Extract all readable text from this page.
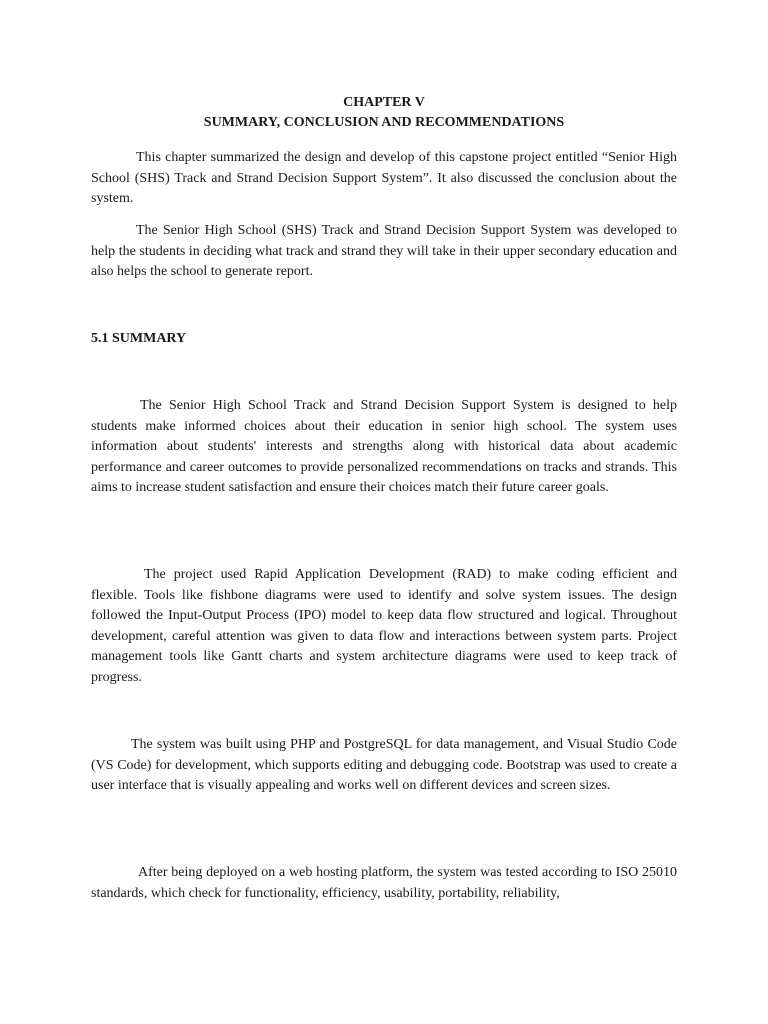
CHAPTER V

SUMMARY, CONCLUSION AND RECOMMENDATIONS

This chapter summarized the design and develop of this capstone project entitled “Senior High School (SHS) Track and Strand Decision Support System”. It also discussed the conclusion about the system.

The Senior High School (SHS) Track and Strand Decision Support System was developed to help the students in deciding what track and strand they will take in their upper secondary education and also helps the school to generate report.

5.1 SUMMARY

The Senior High School Track and Strand Decision Support System is designed to help students make informed choices about their education in senior high school. The system uses information about students' interests and strengths along with historical data about academic performance and career outcomes to provide personalized recommendations on tracks and strands. This aims to increase student satisfaction and ensure their choices match their future career goals.

The project used Rapid Application Development (RAD) to make coding efficient and flexible. Tools like fishbone diagrams were used to identify and solve system issues. The design followed the Input-Output Process (IPO) model to keep data flow structured and logical. Throughout development, careful attention was given to data flow and interactions between system parts. Project management tools like Gantt charts and system architecture diagrams were used to keep track of progress.

The system was built using PHP and PostgreSQL for data management, and Visual Studio Code (VS Code) for development, which supports editing and debugging code. Bootstrap was used to create a user interface that is visually appealing and works well on different devices and screen sizes.

After being deployed on a web hosting platform, the system was tested according to ISO 25010 standards, which check for functionality, efficiency, usability, portability, reliability,
